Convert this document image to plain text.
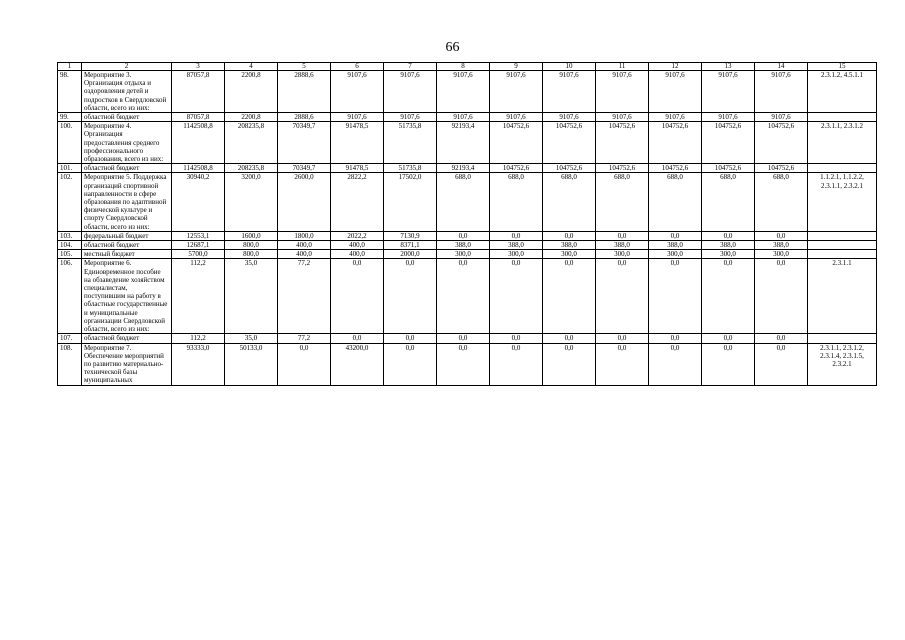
66
1	2	3	4	5	6	7	8	9	10	11	12	13	14	15
98.	Мероприятие 3. Организация отдыха и оздоровления детей и подростков в Свердловской области, всего из них:	87057,8	2200,8	2888,6	9107,6	9107,6	9107,6	9107,6	9107,6	9107,6	9107,6	9107,6	9107,6	2.3.1.2, 4.5.1.1
99.	областной бюджет	87057,8	2200,8	2888,6	9107,6	9107,6	9107,6	9107,6	9107,6	9107,6	9107,6	9107,6	9107,6	
100.	Мероприятие 4. Организация предоставления среднего профессионального образования, всего из них:	1142508,8	208235,8	70349,7	91478,5	51735,8	92193,4	104752,6	104752,6	104752,6	104752,6	104752,6	104752,6	2.3.1.1, 2.3.1.2
101.	областной бюджет	1142508,8	208235,8	70349,7	91478,5	51735,8	92193,4	104752,6	104752,6	104752,6	104752,6	104752,6	104752,6	
102.	Мероприятие 5. Поддержка организаций спортивной направленности в сфере образования по адаптивной физической культуре и спорту Свердловской области, всего из них:	30940,2	3200,0	2600,0	2822,2	17502,0	688,0	688,0	688,0	688,0	688,0	688,0	688,0	1.1.2.1, 1.1.2.2, 2.3.1.1, 2.3.2.1
103.	федеральный бюджет	12553,1	1600,0	1800,0	2022,2	7130,9	0,0	0,0	0,0	0,0	0,0	0,0	0,0	
104.	областной бюджет	12687,1	800,0	400,0	400,0	8371,1	388,0	388,0	388,0	388,0	388,0	388,0	388,0	
105.	местный бюджет	5700,0	800,0	400,0	400,0	2000,0	300,0	300,0	300,0	300,0	300,0	300,0	300,0	
106.	Мероприятие 6. Единовременное пособие на обзаведение хозяйством специалистам, поступившим на работу в областные государственные и муниципальные организации Свердловской области, всего из них:	112,2	35,0	77,2	0,0	0,0	0,0	0,0	0,0	0,0	0,0	0,0	0,0	2.3.1.1
107.	областной бюджет	112,2	35,0	77,2	0,0	0,0	0,0	0,0	0,0	0,0	0,0	0,0	0,0	
108.	Мероприятие 7. Обеспечение мероприятий по развитию материально-технической базы муниципальных	93333,0	50133,0	0,0	43200,0	0,0	0,0	0,0	0,0	0,0	0,0	0,0	0,0	2.3.1.1, 2.3.1.2, 2.3.1.4, 2.3.1.5, 2.3.2.1
